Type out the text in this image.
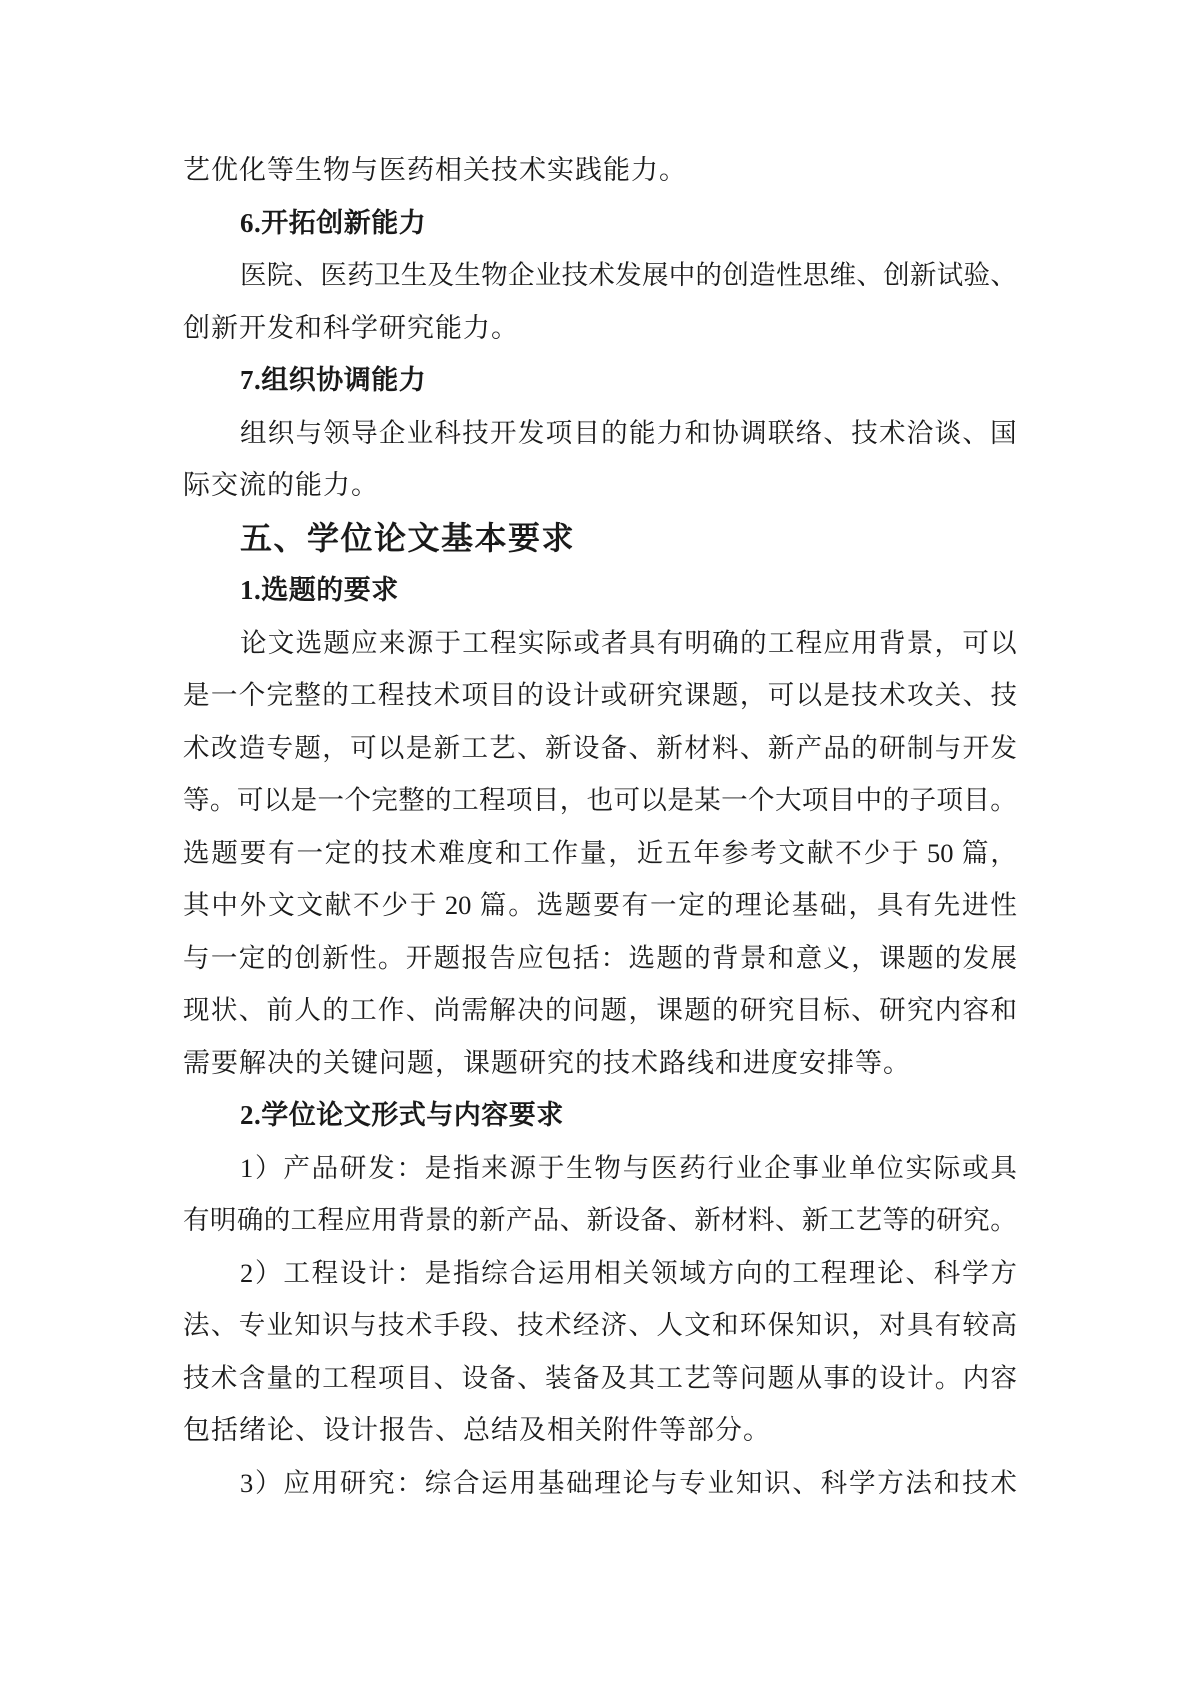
艺优化等生物与医药相关技术实践能力。
6.开拓创新能力
医 院 、 医 药 卫 生 及 生 物 企 业 技 术 发 展 中 的 创 造 性 思 维 、 创 新 试 验 、
创新开发和科学研究能力。
7.组织协调能力
组 织 与 领 导 企 业 科 技 开 发 项 目 的 能 力 和 协 调 联 络 、 技 术 洽 谈 、 国
际交流的能力。
五、学位论文基本要求
1.选题的要求
论 文 选 题 应 来 源 于 工 程 实 际 或 者 具 有 明 确 的 工 程 应 用 背 景 ， 可 以
是 一 个 完 整 的 工 程 技 术 项 目 的 设 计 或 研 究 课 题 ， 可 以 是 技 术 攻 关 、 技
术 改 造 专 题 ， 可 以 是 新 工 艺 、 新 设 备 、 新 材 料 、 新 产 品 的 研 制 与 开 发
等 。 可 以 是 一 个 完 整 的 工 程 项 目 ， 也 可 以 是 某 一 个 大 项 目 中 的 子 项 目 。
选 题 要 有 一 定 的 技 术 难 度 和 工 作 量 ， 近 五 年 参 考 文 献 不 少 于 50 篇 ，
其 中 外 文 文 献 不 少 于 20 篇 。 选 题 要 有 一 定 的 理 论 基 础 ， 具 有 先 进 性
与 一 定 的 创 新 性 。 开 题 报 告 应 包 括 ： 选 题 的 背 景 和 意 义 ， 课 题 的 发 展
现 状 、 前 人 的 工 作 、 尚 需 解 决 的 问 题 ， 课 题 的 研 究 目 标 、 研 究 内 容 和
需要解决的关键问题，课题研究的技术路线和进度安排等。
2.学位论文形式与内容要求
1 ） 产 品 研 发 ： 是 指 来 源 于 生 物 与 医 药 行 业 企 事 业 单 位 实 际 或 具
有 明 确 的 工 程 应 用 背 景 的 新 产 品 、 新 设 备 、 新 材 料 、 新 工 艺 等 的 研 究 。
2 ） 工 程 设 计 ： 是 指 综 合 运 用 相 关 领 域 方 向 的 工 程 理 论 、 科 学 方
法 、 专 业 知 识 与 技 术 手 段 、 技 术 经 济 、 人 文 和 环 保 知 识 ， 对 具 有 较 高
技 术 含 量 的 工 程 项 目 、 设 备 、 装 备 及 其 工 艺 等 问 题 从 事 的 设 计 。 内 容
包括绪论、设计报告、总结及相关附件等部分。
3 ） 应 用 研 究 ： 综 合 运 用 基 础 理 论 与 专 业 知 识 、 科 学 方 法 和 技 术
